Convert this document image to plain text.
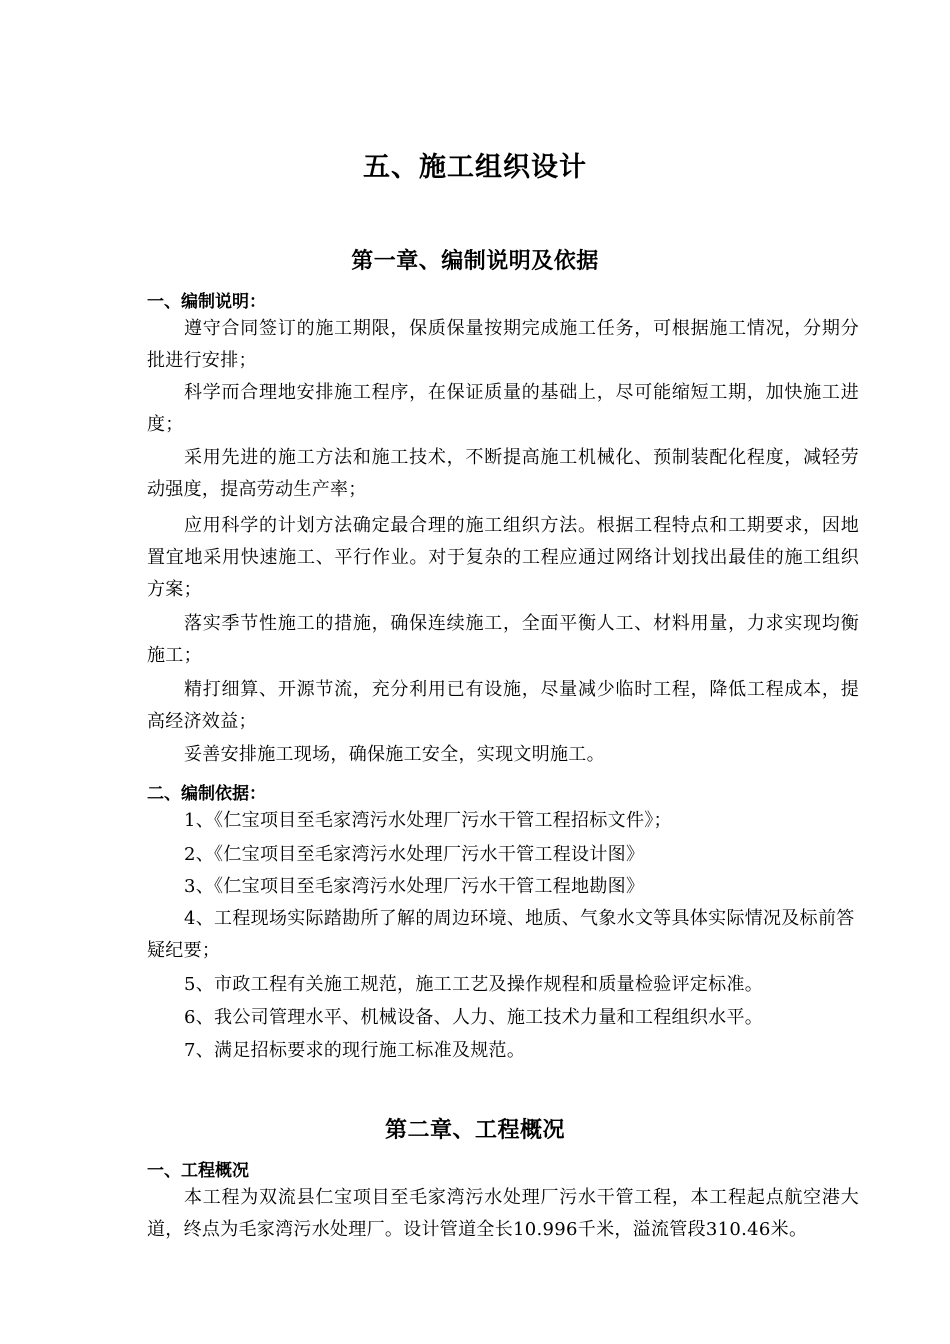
五、施工组织设计
第一章、编制说明及依据
一、编制说明：
遵守合同签订的施工期限，保质保量按期完成施工任务，可根据施工情况，分期分批进行安排；
科学而合理地安排施工程序，在保证质量的基础上，尽可能缩短工期，加快施工进度；
采用先进的施工方法和施工技术，不断提高施工机械化、预制装配化程度，减轻劳动强度，提高劳动生产率；
应用科学的计划方法确定最合理的施工组织方法。根据工程特点和工期要求，因地置宜地采用快速施工、平行作业。对于复杂的工程应通过网络计划找出最佳的施工组织方案；
落实季节性施工的措施，确保连续施工，全面平衡人工、材料用量，力求实现均衡施工；
精打细算、开源节流，充分利用已有设施，尽量减少临时工程，降低工程成本，提高经济效益；
妥善安排施工现场，确保施工安全，实现文明施工。
二、编制依据：
1、《仁宝项目至毛家湾污水处理厂污水干管工程招标文件》；
2、《仁宝项目至毛家湾污水处理厂污水干管工程设计图》
3、《仁宝项目至毛家湾污水处理厂污水干管工程地勘图》
4、工程现场实际踏勘所了解的周边环境、地质、气象水文等具体实际情况及标前答疑纪要；
5、市政工程有关施工规范，施工工艺及操作规程和质量检验评定标准。
6、我公司管理水平、机械设备、人力、施工技术力量和工程组织水平。
7、满足招标要求的现行施工标准及规范。
第二章、工程概况
一、工程概况
本工程为双流县仁宝项目至毛家湾污水处理厂污水干管工程，本工程起点航空港大道，终点为毛家湾污水处理厂。设计管道全长10.996千米，溢流管段310.46米。
